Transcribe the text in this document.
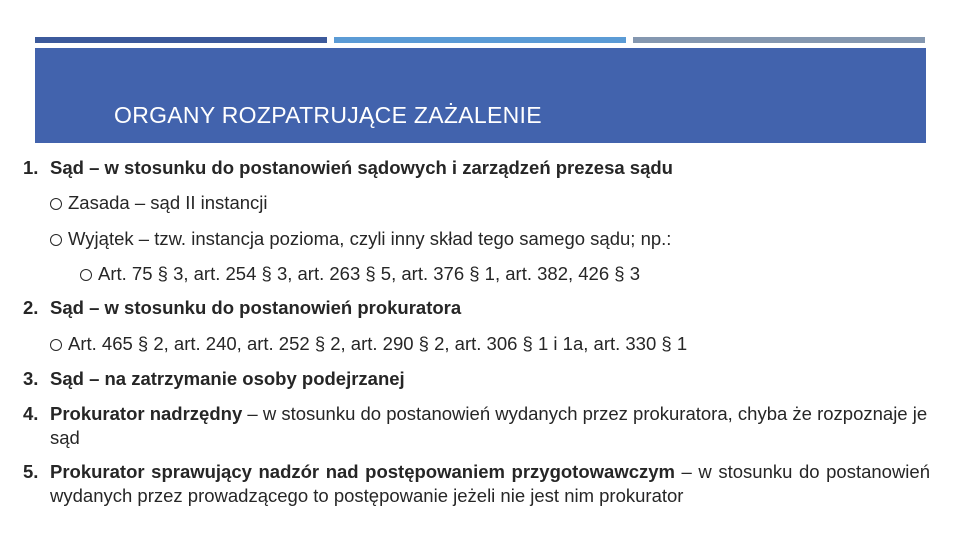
ORGANY ROZPATRUJĄCE ZAŻALENIE
1. Sąd – w stosunku do postanowień sądowych i zarządzeń prezesa sądu
Zasada – sąd II instancji
Wyjątek – tzw. instancja pozioma, czyli inny skład tego samego sądu; np.:
Art. 75 § 3, art. 254 § 3, art. 263 § 5, art. 376 § 1, art. 382, 426 § 3
2. Sąd – w stosunku do postanowień prokuratora
Art. 465 § 2, art. 240, art. 252 § 2, art. 290 § 2, art. 306 § 1 i 1a, art. 330 § 1
3. Sąd – na zatrzymanie osoby podejrzanej
4. Prokurator nadrzędny – w stosunku do postanowień wydanych przez prokuratora, chyba że rozpoznaje je sąd
5. Prokurator sprawujący nadzór nad postępowaniem przygotowawczym – w stosunku do postanowień wydanych przez prowadzącego to postępowanie jeżeli nie jest nim prokurator
